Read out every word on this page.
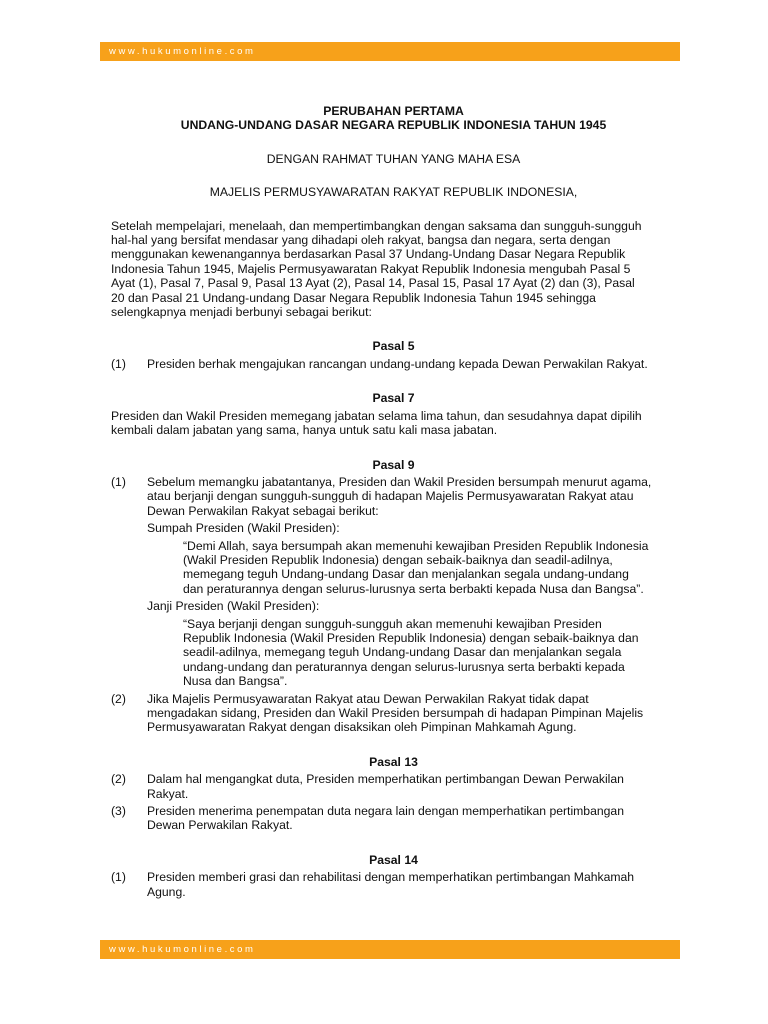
www.hukumonline.com
PERUBAHAN PERTAMA
UNDANG-UNDANG DASAR NEGARA REPUBLIK INDONESIA TAHUN 1945
DENGAN RAHMAT TUHAN YANG MAHA ESA
MAJELIS PERMUSYAWARATAN RAKYAT REPUBLIK INDONESIA,
Setelah mempelajari, menelaah, dan mempertimbangkan dengan saksama dan sungguh-sungguh
hal-hal yang bersifat mendasar yang dihadapi oleh rakyat, bangsa dan negara, serta dengan
menggunakan kewenangannya berdasarkan Pasal 37 Undang-Undang Dasar Negara Republik
Indonesia Tahun 1945, Majelis Permusyawaratan Rakyat Republik Indonesia mengubah Pasal 5
Ayat (1), Pasal 7, Pasal 9, Pasal 13 Ayat (2), Pasal 14, Pasal 15, Pasal 17 Ayat (2) dan (3), Pasal
20 dan Pasal 21 Undang-undang Dasar Negara Republik Indonesia Tahun 1945 sehingga
selengkapnya menjadi berbunyi sebagai berikut:
Pasal 5
(1)	Presiden berhak mengajukan rancangan undang-undang kepada Dewan Perwakilan Rakyat.
Pasal 7
Presiden dan Wakil Presiden memegang jabatan selama lima tahun, dan sesudahnya dapat dipilih
kembali dalam jabatan yang sama, hanya untuk satu kali masa jabatan.
Pasal 9
(1)	Sebelum memangku jabatantanya, Presiden dan Wakil Presiden bersumpah menurut agama,
atau berjanji dengan sungguh-sungguh di hadapan Majelis Permusyawaratan Rakyat atau
Dewan Perwakilan Rakyat sebagai berikut:
Sumpah Presiden (Wakil Presiden):
“Demi Allah, saya bersumpah akan memenuhi kewajiban Presiden Republik Indonesia
(Wakil Presiden Republik Indonesia) dengan sebaik-baiknya dan seadil-adilnya,
memegang teguh Undang-undang Dasar dan menjalankan segala undang-undang
dan peraturannya dengan selurus-lurusnya serta berbakti kepada Nusa dan Bangsa”.
Janji Presiden (Wakil Presiden):
“Saya berjanji dengan sungguh-sungguh akan memenuhi kewajiban Presiden
Republik Indonesia (Wakil Presiden Republik Indonesia) dengan sebaik-baiknya dan
seadil-adilnya, memegang teguh Undang-undang Dasar dan menjalankan segala
undang-undang dan peraturannya dengan selurus-lurusnya serta berbakti kepada
Nusa dan Bangsa”.
(2)	Jika Majelis Permusyawaratan Rakyat atau Dewan Perwakilan Rakyat tidak dapat
mengadakan sidang, Presiden dan Wakil Presiden bersumpah di hadapan Pimpinan Majelis
Permusyawaratan Rakyat dengan disaksikan oleh Pimpinan Mahkamah Agung.
Pasal 13
(2)	Dalam hal mengangkat duta, Presiden memperhatikan pertimbangan Dewan Perwakilan
Rakyat.
(3)	Presiden menerima penempatan duta negara lain dengan memperhatikan pertimbangan
Dewan Perwakilan Rakyat.
Pasal 14
(1)	Presiden memberi grasi dan rehabilitasi dengan memperhatikan pertimbangan Mahkamah
Agung.
www.hukumonline.com
